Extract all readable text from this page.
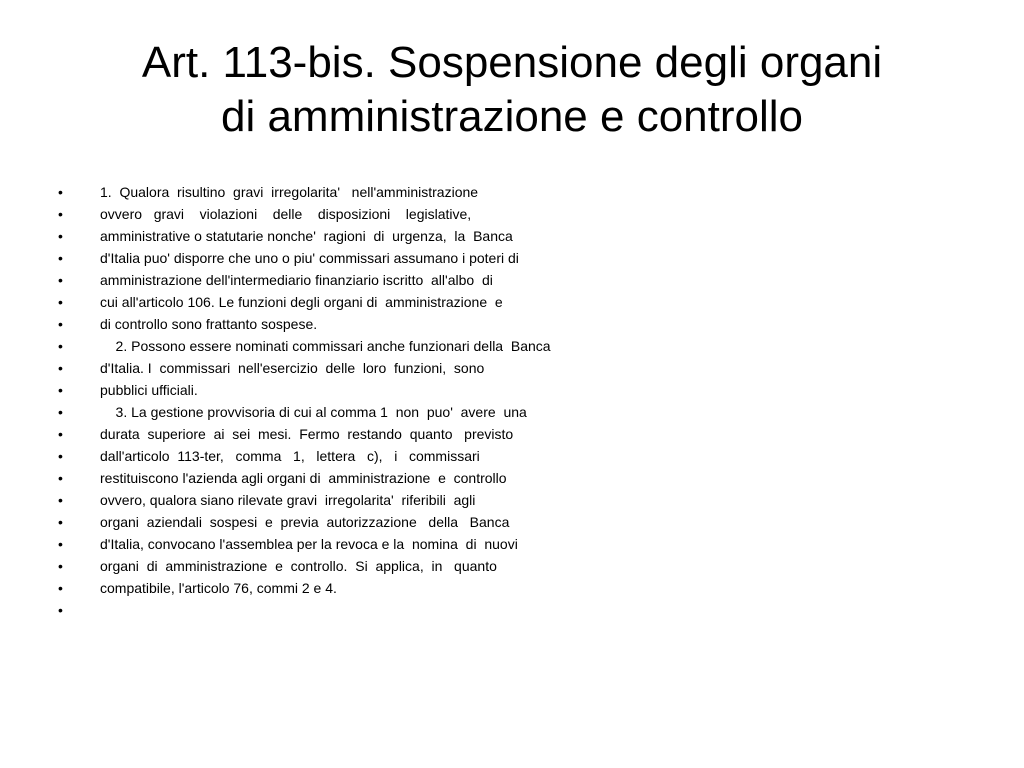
Art. 113-bis. Sospensione degli organi
di amministrazione e controllo
•	1.  Qualora  risultino  gravi  irregolarita'   nell'amministrazione
•	ovvero   gravi    violazioni    delle    disposizioni    legislative,
•	amministrative o statutarie nonche'  ragioni  di  urgenza,  la  Banca
•	d'Italia puo' disporre che uno o piu' commissari assumano i poteri di
•	amministrazione dell'intermediario finanziario iscritto  all'albo  di
•	cui all'articolo 106. Le funzioni degli organi di  amministrazione  e
•	di controllo sono frattanto sospese.
•	2. Possono essere nominati commissari anche funzionari della  Banca
•	d'Italia. I  commissari  nell'esercizio  delle  loro  funzioni,  sono
•	pubblici ufficiali.
•	3. La gestione provvisoria di cui al comma 1  non  puo'  avere  una
•	durata  superiore  ai  sei  mesi.  Fermo  restando  quanto   previsto
•	dall'articolo  113-ter,   comma   1,   lettera   c),   i   commissari
•	restituiscono l'azienda agli organi di  amministrazione  e  controllo
•	ovvero, qualora siano rilevate gravi  irregolarita'  riferibili  agli
•	organi  aziendali  sospesi  e  previa  autorizzazione   della   Banca
•	d'Italia, convocano l'assemblea per la revoca e la  nomina  di  nuovi
•	organi  di  amministrazione  e  controllo.  Si  applica,  in   quanto
•	compatibile, l'articolo 76, commi 2 e 4.
•
